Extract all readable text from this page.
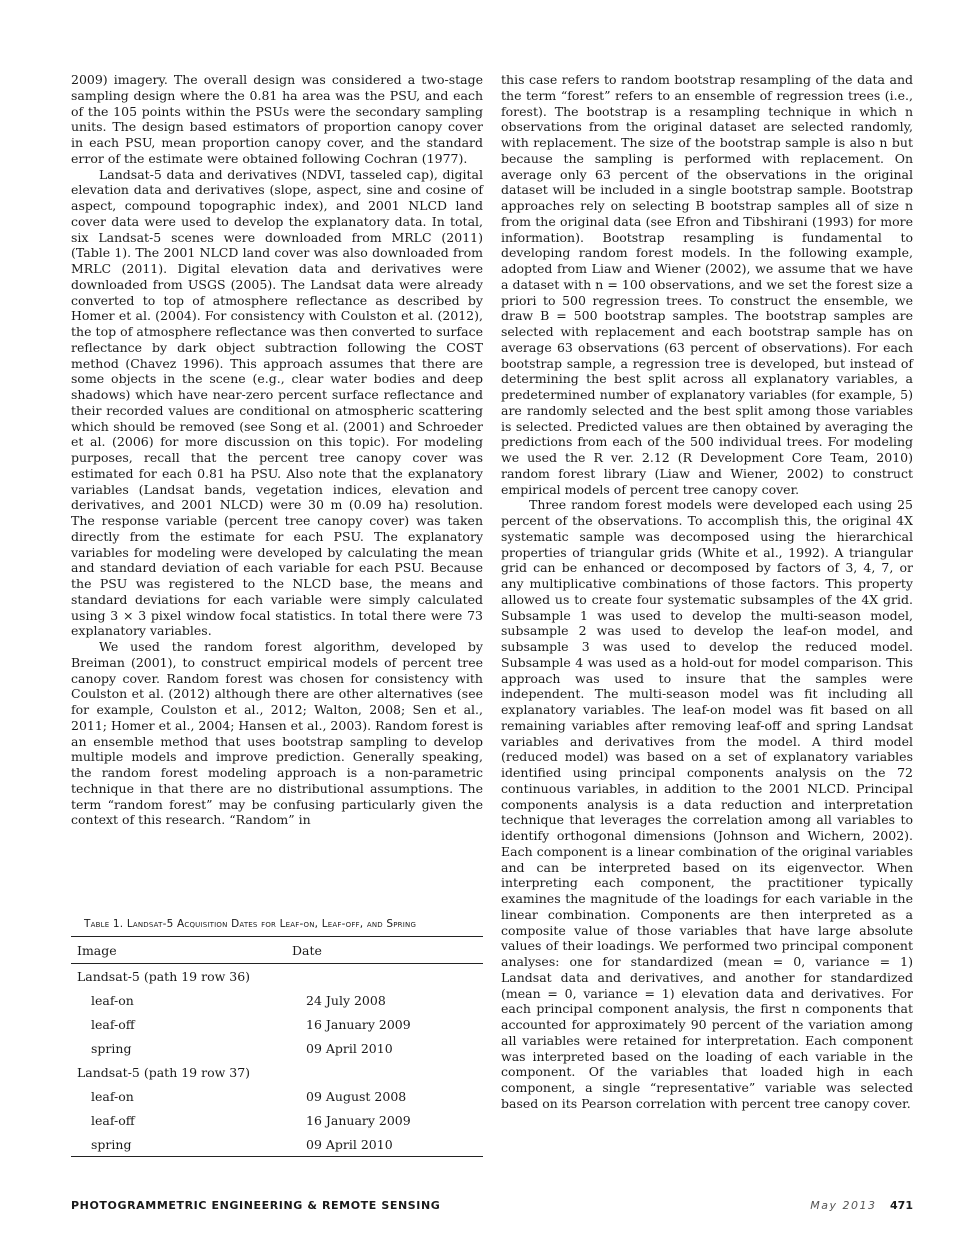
2009) imagery. The overall design was considered a two-stage sampling design where the 0.81 ha area was the PSU, and each of the 105 points within the PSUs were the secondary sampling units. The design based estimators of proportion canopy cover in each PSU, mean proportion canopy cover, and the standard error of the estimate were obtained following Cochran (1977).

Landsat-5 data and derivatives (NDVI, tasseled cap), digital elevation data and derivatives (slope, aspect, sine and cosine of aspect, compound topographic index), and 2001 NLCD land cover data were used to develop the explanatory data. In total, six Landsat-5 scenes were downloaded from MRLC (2011) (Table 1). The 2001 NLCD land cover was also downloaded from MRLC (2011). Digital elevation data and derivatives were downloaded from USGS (2005). The Landsat data were already converted to top of atmosphere reflectance as described by Homer et al. (2004). For consistency with Coulston et al. (2012), the top of atmosphere reflectance was then converted to surface reflectance by dark object subtraction following the COST method (Chavez 1996). This approach assumes that there are some objects in the scene (e.g., clear water bodies and deep shadows) which have near-zero percent surface reflectance and their recorded values are conditional on atmospheric scattering which should be removed (see Song et al. (2001) and Schroeder et al. (2006) for more discussion on this topic). For modeling purposes, recall that the percent tree canopy cover was estimated for each 0.81 ha PSU. Also note that the explanatory variables (Landsat bands, vegetation indices, elevation and derivatives, and 2001 NLCD) were 30 m (0.09 ha) resolution. The response variable (percent tree canopy cover) was taken directly from the estimate for each PSU. The explanatory variables for modeling were developed by calculating the mean and standard deviation of each variable for each PSU. Because the PSU was registered to the NLCD base, the means and standard deviations for each variable were simply calculated using 3 × 3 pixel window focal statistics. In total there were 73 explanatory variables.

We used the random forest algorithm, developed by Breiman (2001), to construct empirical models of percent tree canopy cover. Random forest was chosen for consistency with Coulston et al. (2012) although there are other alternatives (see for example, Coulston et al., 2012; Walton, 2008; Sen et al., 2011; Homer et al., 2004; Hansen et al., 2003). Random forest is an ensemble method that uses bootstrap sampling to develop multiple models and improve prediction. Generally speaking, the random forest modeling approach is a non-parametric technique in that there are no distributional assumptions. The term “random forest” may be confusing particularly given the context of this research. “Random” in

Table 1. Landsat-5 Acquisition Dates for Leaf-on, Leaf-off, and Spring
Image	Date
Landsat-5 (path 19 row 36)	
leaf-on	24 July 2008
leaf-off	16 January 2009
spring	09 April 2010
Landsat-5 (path 19 row 37)	
leaf-on	09 August 2008
leaf-off	16 January 2009
spring	09 April 2010

this case refers to random bootstrap resampling of the data and the term “forest” refers to an ensemble of regression trees (i.e., forest). The bootstrap is a resampling technique in which n observations from the original dataset are selected randomly, with replacement. The size of the bootstrap sample is also n but because the sampling is performed with replacement. On average only 63 percent of the observations in the original dataset will be included in a single bootstrap sample. Bootstrap approaches rely on selecting B bootstrap samples all of size n from the original data (see Efron and Tibshirani (1993) for more information). Bootstrap resampling is fundamental to developing random forest models. In the following example, adopted from Liaw and Wiener (2002), we assume that we have a dataset with n = 100 observations, and we set the forest size a priori to 500 regression trees. To construct the ensemble, we draw B = 500 bootstrap samples. The bootstrap samples are selected with replacement and each bootstrap sample has on average 63 observations (63 percent of observations). For each bootstrap sample, a regression tree is developed, but instead of determining the best split across all explanatory variables, a predetermined number of explanatory variables (for example, 5) are randomly selected and the best split among those variables is selected. Predicted values are then obtained by averaging the predictions from each of the 500 individual trees. For modeling we used the R ver. 2.12 (R Development Core Team, 2010) random forest library (Liaw and Wiener, 2002) to construct empirical models of percent tree canopy cover.

Three random forest models were developed each using 25 percent of the observations. To accomplish this, the original 4X systematic sample was decomposed using the hierarchical properties of triangular grids (White et al., 1992). A triangular grid can be enhanced or decomposed by factors of 3, 4, 7, or any multiplicative combinations of those factors. This property allowed us to create four systematic subsamples of the 4X grid. Subsample 1 was used to develop the multi-season model, subsample 2 was used to develop the leaf-on model, and subsample 3 was used to develop the reduced model. Subsample 4 was used as a hold-out for model comparison. This approach was used to insure that the samples were independent. The multi-season model was fit including all explanatory variables. The leaf-on model was fit based on all remaining variables after removing leaf-off and spring Landsat variables and derivatives from the model. A third model (reduced model) was based on a set of explanatory variables identified using principal components analysis on the 72 continuous variables, in addition to the 2001 NLCD. Principal components analysis is a data reduction and interpretation technique that leverages the correlation among all variables to identify orthogonal dimensions (Johnson and Wichern, 2002). Each component is a linear combination of the original variables and can be interpreted based on its eigenvector. When interpreting each component, the practitioner typically examines the magnitude of the loadings for each variable in the linear combination. Components are then interpreted as a composite value of those variables that have large absolute values of their loadings. We performed two principal component analyses: one for standardized (mean = 0, variance = 1) Landsat data and derivatives, and another for standardized (mean = 0, variance = 1) elevation data and derivatives. For each principal component analysis, the first n components that accounted for approximately 90 percent of the variation among all variables were retained for interpretation. Each component was interpreted based on the loading of each variable in the component. Of the variables that loaded high in each component, a single “representative” variable was selected based on its Pearson correlation with percent tree canopy cover.

PHOTOGRAMMETRIC ENGINEERING & REMOTE SENSING	May 2013 471
